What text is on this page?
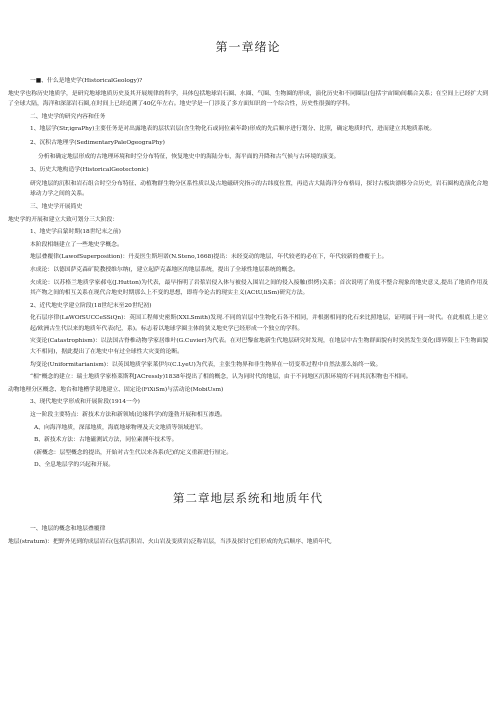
第一章绪论

一■、什么是地史学(HistoricalGeology)?

地史学也称历史地质学，是研究地球地质历史及其开展规律的科学，具体包括地球岩石圈、水圈、气圈、生物圈的形成，演化历史和不同圈层(包括宇宙圈)间耦合关系；在空间上已经扩大到了全球大陆，海洋和深部岩石圈,在时间上已经追溯了40亿年左右。地史学是一门涉及了多方面知识的一个综合性，历史性很强的学科。

二、地史学的研究内容和任务

1、地层学(Str,igraPhy)主要任务是对出露地表的层状岩层(含生物化石或同位素年龄)形成的先后顺序进行划分、比照，确定地质时代，进而建立其地质系统。

2、沉积古地理学(SedimentaryPaleOgeograPhy)

分析和确定地层形成的古地理环境和时空分布特征，恢复地史中的海陆分布，海平面的升降和古气候与古环境的演变。

3、历史大地构造学(HistoricalGeotectonic)

研究地层的沉积和岩石组合时空分布特征、动植物群生物分区系性质以及古地磁研究指示的古纬度位置，再造古大陆海洋分布格局，探讨古板块漂移分合历史，岩石圈构造演化合地球动力学之间的关系。

三、地史学开展简史

地史学的开展和建立大致可划分三大阶段：

1、地史学启蒙时期(18世纪末之前)

本阶段相继建立了一些地史学概念。

地层叠覆律(LawofSuperposition)：丹麦医生斯坦诺(N.Steno,1668)提出：未经变动的地层，年代较老的必在下，年代较新的叠覆于上。

水成论：以德国萨克森矿院教授维尔纳(，建立起萨克森地区的地层系统，提出了全球性地层系统的概念。

火成论：以苏格兰地质学家郝屯(J.Hutton)为代表，最早指明了岩浆岩侵入体与被侵入围岩之间的侵入接触(烘烤)关系；首次说明了角度不整合现象的地史意义,提出了地质作用及其产物之间的相互关系在现代合地史时期那么上不变的思想，即将今论古的现实主义(ACtU,liSm)研究方法。

2、近代地史学建立阶段(18世纪末至20世纪初)

化石层序律(LaWOfSUCCeSSiQn)：英国工程师史密斯(XXLSmith)发现.不同的岩层中生物化石各不相同，并根据相同的化石来比照地层，证明属于同一时代。在此根底上建立起/欧洲古生代以来的地质年代表(纪，系)。标志着以地球学圈主体的狭义地史学已经形成一个独立的学科。

灾变论(Catastrophism)：以法国古脊椎动物学家居维叶(G.Cuvier)为代表。在对巴黎盆地新生代地层研究时发现，在地层中古生物群面貌有时突然发生变化(即界限上下生物面貌大不相同)，据此提出了在地史中有过全球性大灾变的论断。

均变论(Uniformitarianism)：以英国地质学家莱伊尔(C.LyeU)为代表，主张生物界和非生物界在一切变革过程中自然法那么始终一致。

“相”概念的建立：瑞士地质学家格莱斯利JACressly)1838年提出了相的概念，认为同时代的地层，由于不同地区沉积环境的不同其沉积物也不相同。

动物地理分区概念、地台和地槽学说地建立、固定论(FiXiSm)与活动论(MobiUsm)

3、现代地史学形成和开展阶段(1914一今)

这一阶段主要特点：新技术方法和新领域(边缘科学)的蓬勃开展和相互渗透。

A、向海洋地质，深部地质，海底地球物理及天文地质等领域进军。

B、新技术方法：古地磁测试方法，同位素测年技术等。

(新概念：层型概念的提出，开始对古生代以来各系(纪)的定义重新进行厘定。

D、全息地层学的兴起和开展。

第二章地层系统和地质年代

一、地层的概念和地层叠覆律

地层(stratum)：把野外见到的成层岩石(包括沉积岩、火山岩及变质岩)泛称岩层，当涉及探讨它们形成的先后顺序、地质年代,
